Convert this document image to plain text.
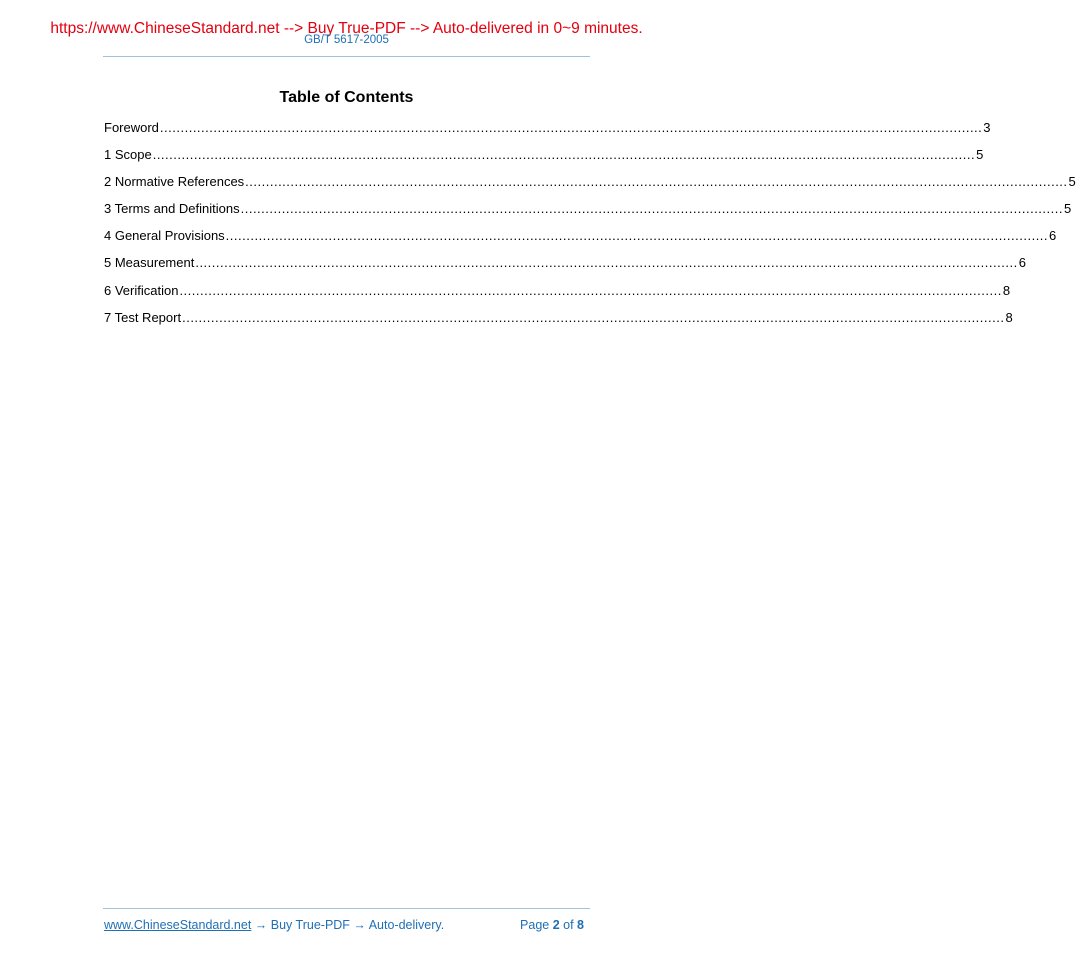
https://www.ChineseStandard.net --> Buy True-PDF --> Auto-delivered in 0~9 minutes.
GB/T 5617-2005
Table of Contents
Foreword ........................................................................................................................................................................................................ 3
1 Scope ........................................................................................................................................................................................................ 5
2 Normative References ........................................................................................................................................................................................................ 5
3 Terms and Definitions ........................................................................................................................................................................................................ 5
4 General Provisions ........................................................................................................................................................................................................ 6
5 Measurement ........................................................................................................................................................................................................ 6
6 Verification ........................................................................................................................................................................................................ 8
7 Test Report ........................................................................................................................................................................................................ 8
www.ChineseStandard.net → Buy True-PDF → Auto-delivery.	Page 2 of 8
